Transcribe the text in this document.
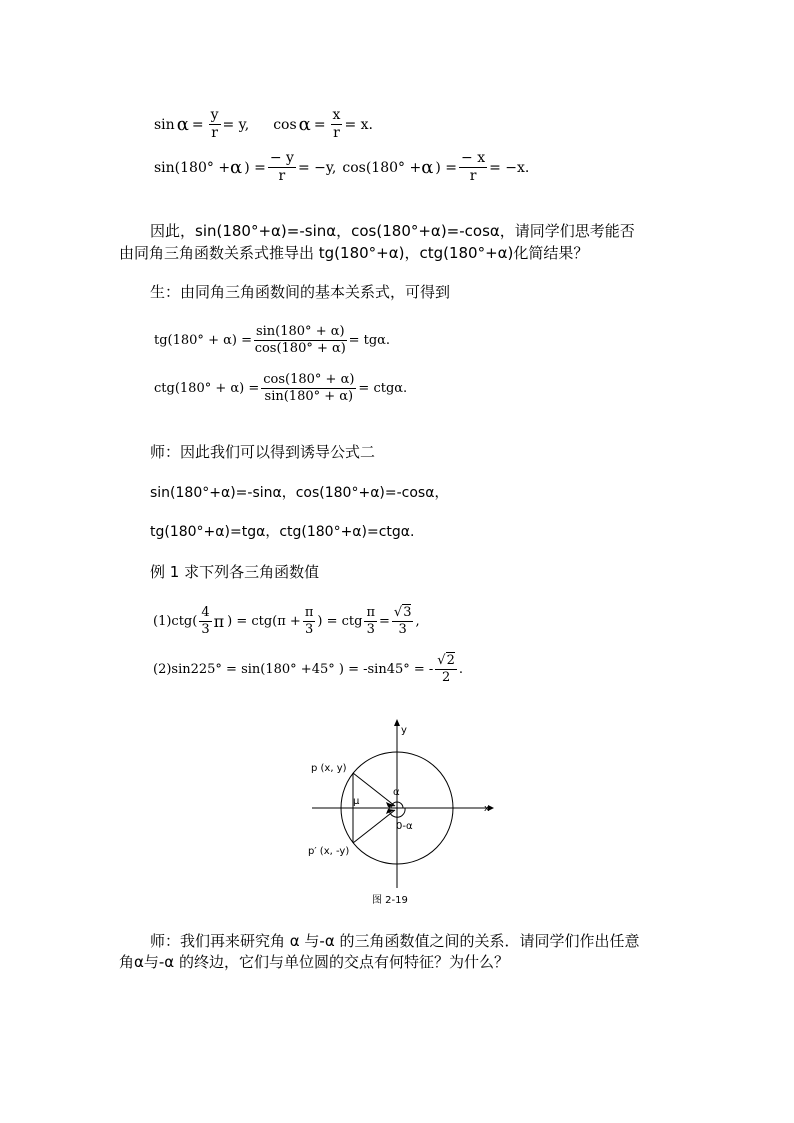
$\sin \alpha = \frac{y}{r} = y$, $\cos \alpha = \frac{x}{r} = x$.
sin(180° + α ) = $\frac{- y}{r} = -y$, cos(180° + α ) = $\frac{- x}{r} = -x$.
因此，sin(180°+α)=-sinα，cos(180°+α)=-cosα，请同学们思考能否
由同角三角函数关系式推导出 tg(180°+α)，ctg(180°+α)化简结果？
生：由同角三角函数间的基本关系式，可得到
$tg(180^\circ + \alpha) = \frac{\sin(180^\circ + \alpha)}{\cos(180^\circ + \alpha)} = tg\alpha$.
$ctg(180^\circ + \alpha) = \frac{\cos(180^\circ + \alpha)}{\sin(180^\circ + \alpha)} = ctg\alpha$.
师：因此我们可以得到诱导公式二
sin(180°+α)=-sinα，cos(180°+α)=-cosα，
tg(180°+α)=tgα，ctg(180°+α)=ctgα.
例 1 求下列各三角函数值
$(1)ctg( \frac{4}{3}$ π ) = $ctg(\pi + \frac{\pi}{3}$ ) = ctg $\frac{\pi}{3} = \frac{√3}{3}$ ,
(2)sin225° = sin(180° +45° ) = -sin45° = - $\frac{√2}{2}$ .
x
y
p (x, y)
p′ (x, -y)
α
μ
0-α
图 2-19
师：我们再来研究角 α 与-α 的三角函数值之间的关系．请同学们作出任意
角α与-α 的终边，它们与单位圆的交点有何特征？为什么？
